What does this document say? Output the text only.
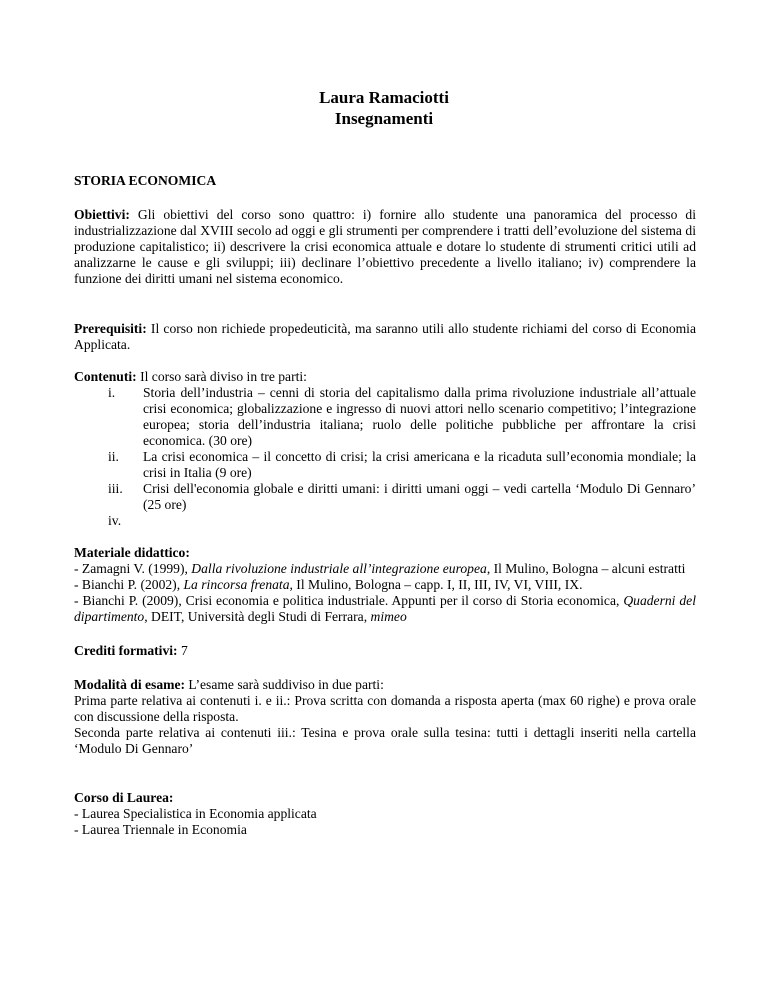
Laura Ramaciotti
Insegnamenti

STORIA ECONOMICA

Obiettivi: Gli obiettivi del corso sono quattro: i) fornire allo studente una panoramica del processo di industrializzazione dal XVIII secolo ad oggi e gli strumenti per comprendere i tratti dell’evoluzione del sistema di produzione capitalistico; ii) descrivere la crisi economica attuale e dotare lo studente di strumenti critici utili ad analizzarne le cause e gli sviluppi; iii) declinare l’obiettivo precedente a livello italiano; iv) comprendere la funzione dei diritti umani nel sistema economico.

Prerequisiti: Il corso non richiede propedeuticità, ma saranno utili allo studente richiami del corso di Economia Applicata.

Contenuti: Il corso sarà diviso in tre parti:

i. Storia dell’industria – cenni di storia del capitalismo dalla prima rivoluzione industriale all’attuale crisi economica; globalizzazione e ingresso di nuovi attori nello scenario competitivo; l’integrazione europea; storia dell’industria italiana; ruolo delle politiche pubbliche per affrontare la crisi economica. (30 ore)
ii. La crisi economica – il concetto di crisi; la crisi americana e la ricaduta sull’economia mondiale; la crisi in Italia (9 ore)
iii. Crisi dell'economia globale e diritti umani: i diritti umani oggi – vedi cartella ‘Modulo Di Gennaro’ (25 ore)
iv.

Materiale didattico:

- Zamagni V. (1999), Dalla rivoluzione industriale all’integrazione europea, Il Mulino, Bologna – alcuni estratti

- Bianchi P. (2002), La rincorsa frenata, Il Mulino, Bologna – capp. I, II, III, IV, VI, VIII, IX.

- Bianchi P. (2009), Crisi economia e politica industriale. Appunti per il corso di Storia economica, Quaderni del dipartimento, DEIT, Università degli Studi di Ferrara, mimeo

Crediti formativi: 7

Modalità di esame: L’esame sarà suddiviso in due parti:

Prima parte relativa ai contenuti i. e ii.: Prova scritta con domanda a risposta aperta (max 60 righe) e prova orale con discussione della risposta.

Seconda parte relativa ai contenuti iii.: Tesina e prova orale sulla tesina: tutti i dettagli inseriti nella cartella ‘Modulo Di Gennaro’

Corso di Laurea:

- Laurea Specialistica in Economia applicata

- Laurea Triennale in Economia
